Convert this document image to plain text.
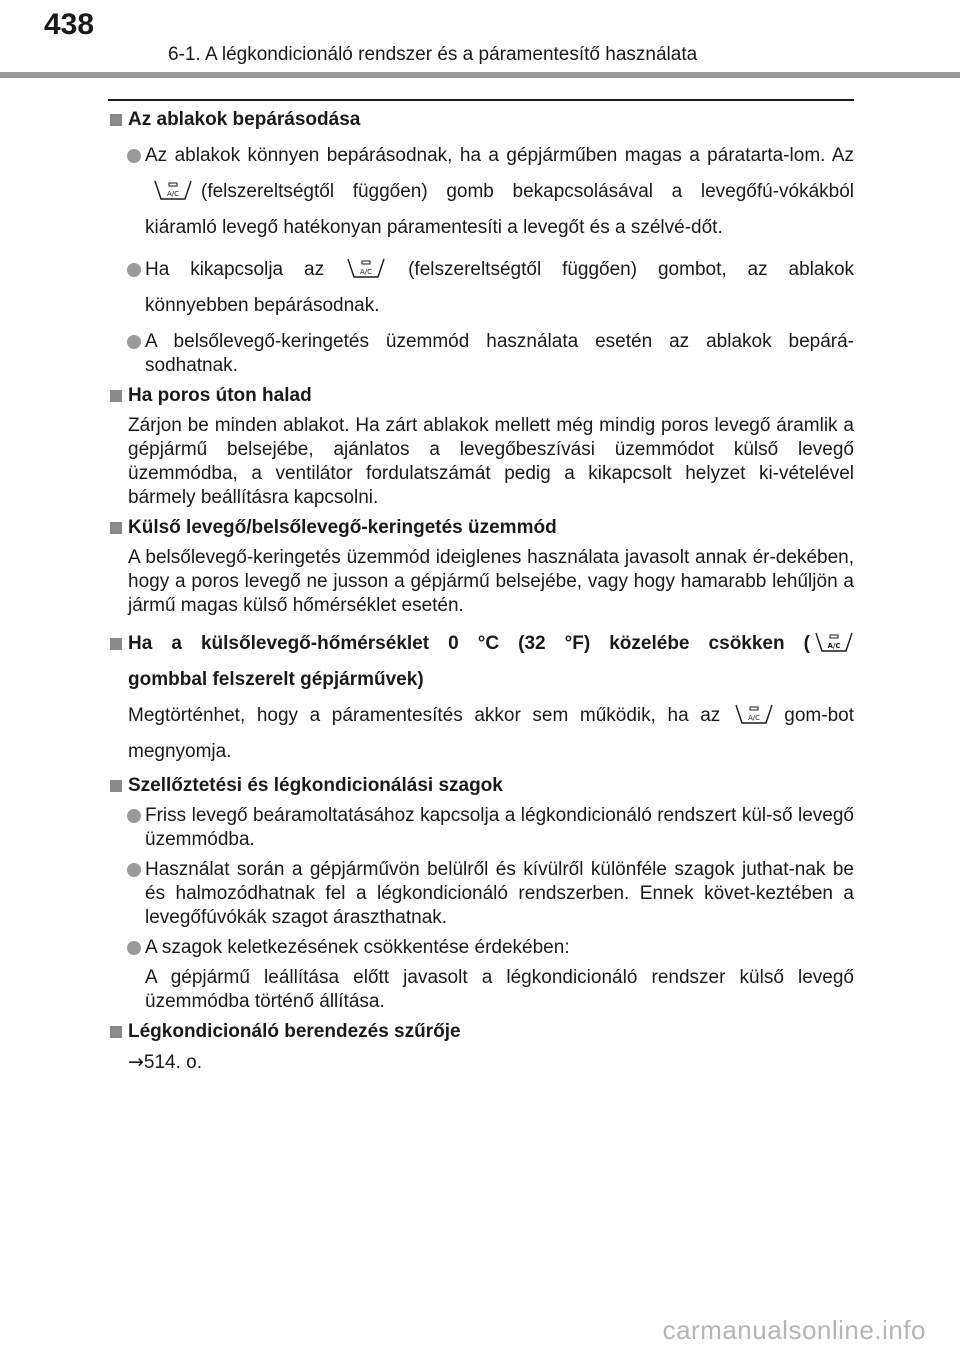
438
6-1. A légkondicionáló rendszer és a páramentesítő használata
Az ablakok bepárásodása
Az ablakok könnyen bepárásodnak, ha a gépjárműben magas a páratarta-lom. Az
A/C (felszereltségtől függően) gomb bekapcsolásával a levegőfú-vókákból kiáramló levegő hatékonyan páramentesíti a levegőt és a szélvé-dőt.
Ha kikapcsolja az	A/C (felszereltségtől függően) gombot, az ablakok könnyebben bepárásodnak.
A belsőlevegő-keringetés üzemmód használata esetén az ablakok bepárá-sodhatnak.
Ha poros úton halad
Zárjon be minden ablakot. Ha zárt ablakok mellett még mindig poros levegő áramlik a gépjármű belsejébe, ajánlatos a levegőbeszívási üzemmódot külső levegő üzemmódba, a ventilátor fordulatszámát pedig a kikapcsolt helyzet ki-vételével bármely beállításra kapcsolni.
Külső levegő/belsőlevegő-keringetés üzemmód
A belsőlevegő-keringetés üzemmód ideiglenes használata javasolt annak ér-dekében, hogy a poros levegő ne jusson a gépjármű belsejébe, vagy hogy hamarabb lehűljön a jármű magas külső hőmérséklet esetén.
Ha a külsőlevegő-hőmérséklet 0 °C (32 °F) közelébe csökken ( A/C
gombbal felszerelt gépjárművek)
Megtörténhet, hogy a páramentesítés akkor sem működik, ha az	A/C gom-bot megnyomja.
Szellőztetési és légkondicionálási szagok
Friss levegő beáramoltatásához kapcsolja a légkondicionáló rendszert kül-ső levegő üzemmódba.
Használat során a gépjárművön belülről és kívülről különféle szagok juthat-nak be és halmozódhatnak fel a légkondicionáló rendszerben. Ennek követ-keztében a levegőfúvókák szagot áraszthatnak.
A szagok keletkezésének csökkentése érdekében:
A gépjármű leállítása előtt javasolt a légkondicionáló rendszer külső levegő üzemmódba történő állítása.
Légkondicionáló berendezés szűrője
→514. o.
carmanualsonline.info
